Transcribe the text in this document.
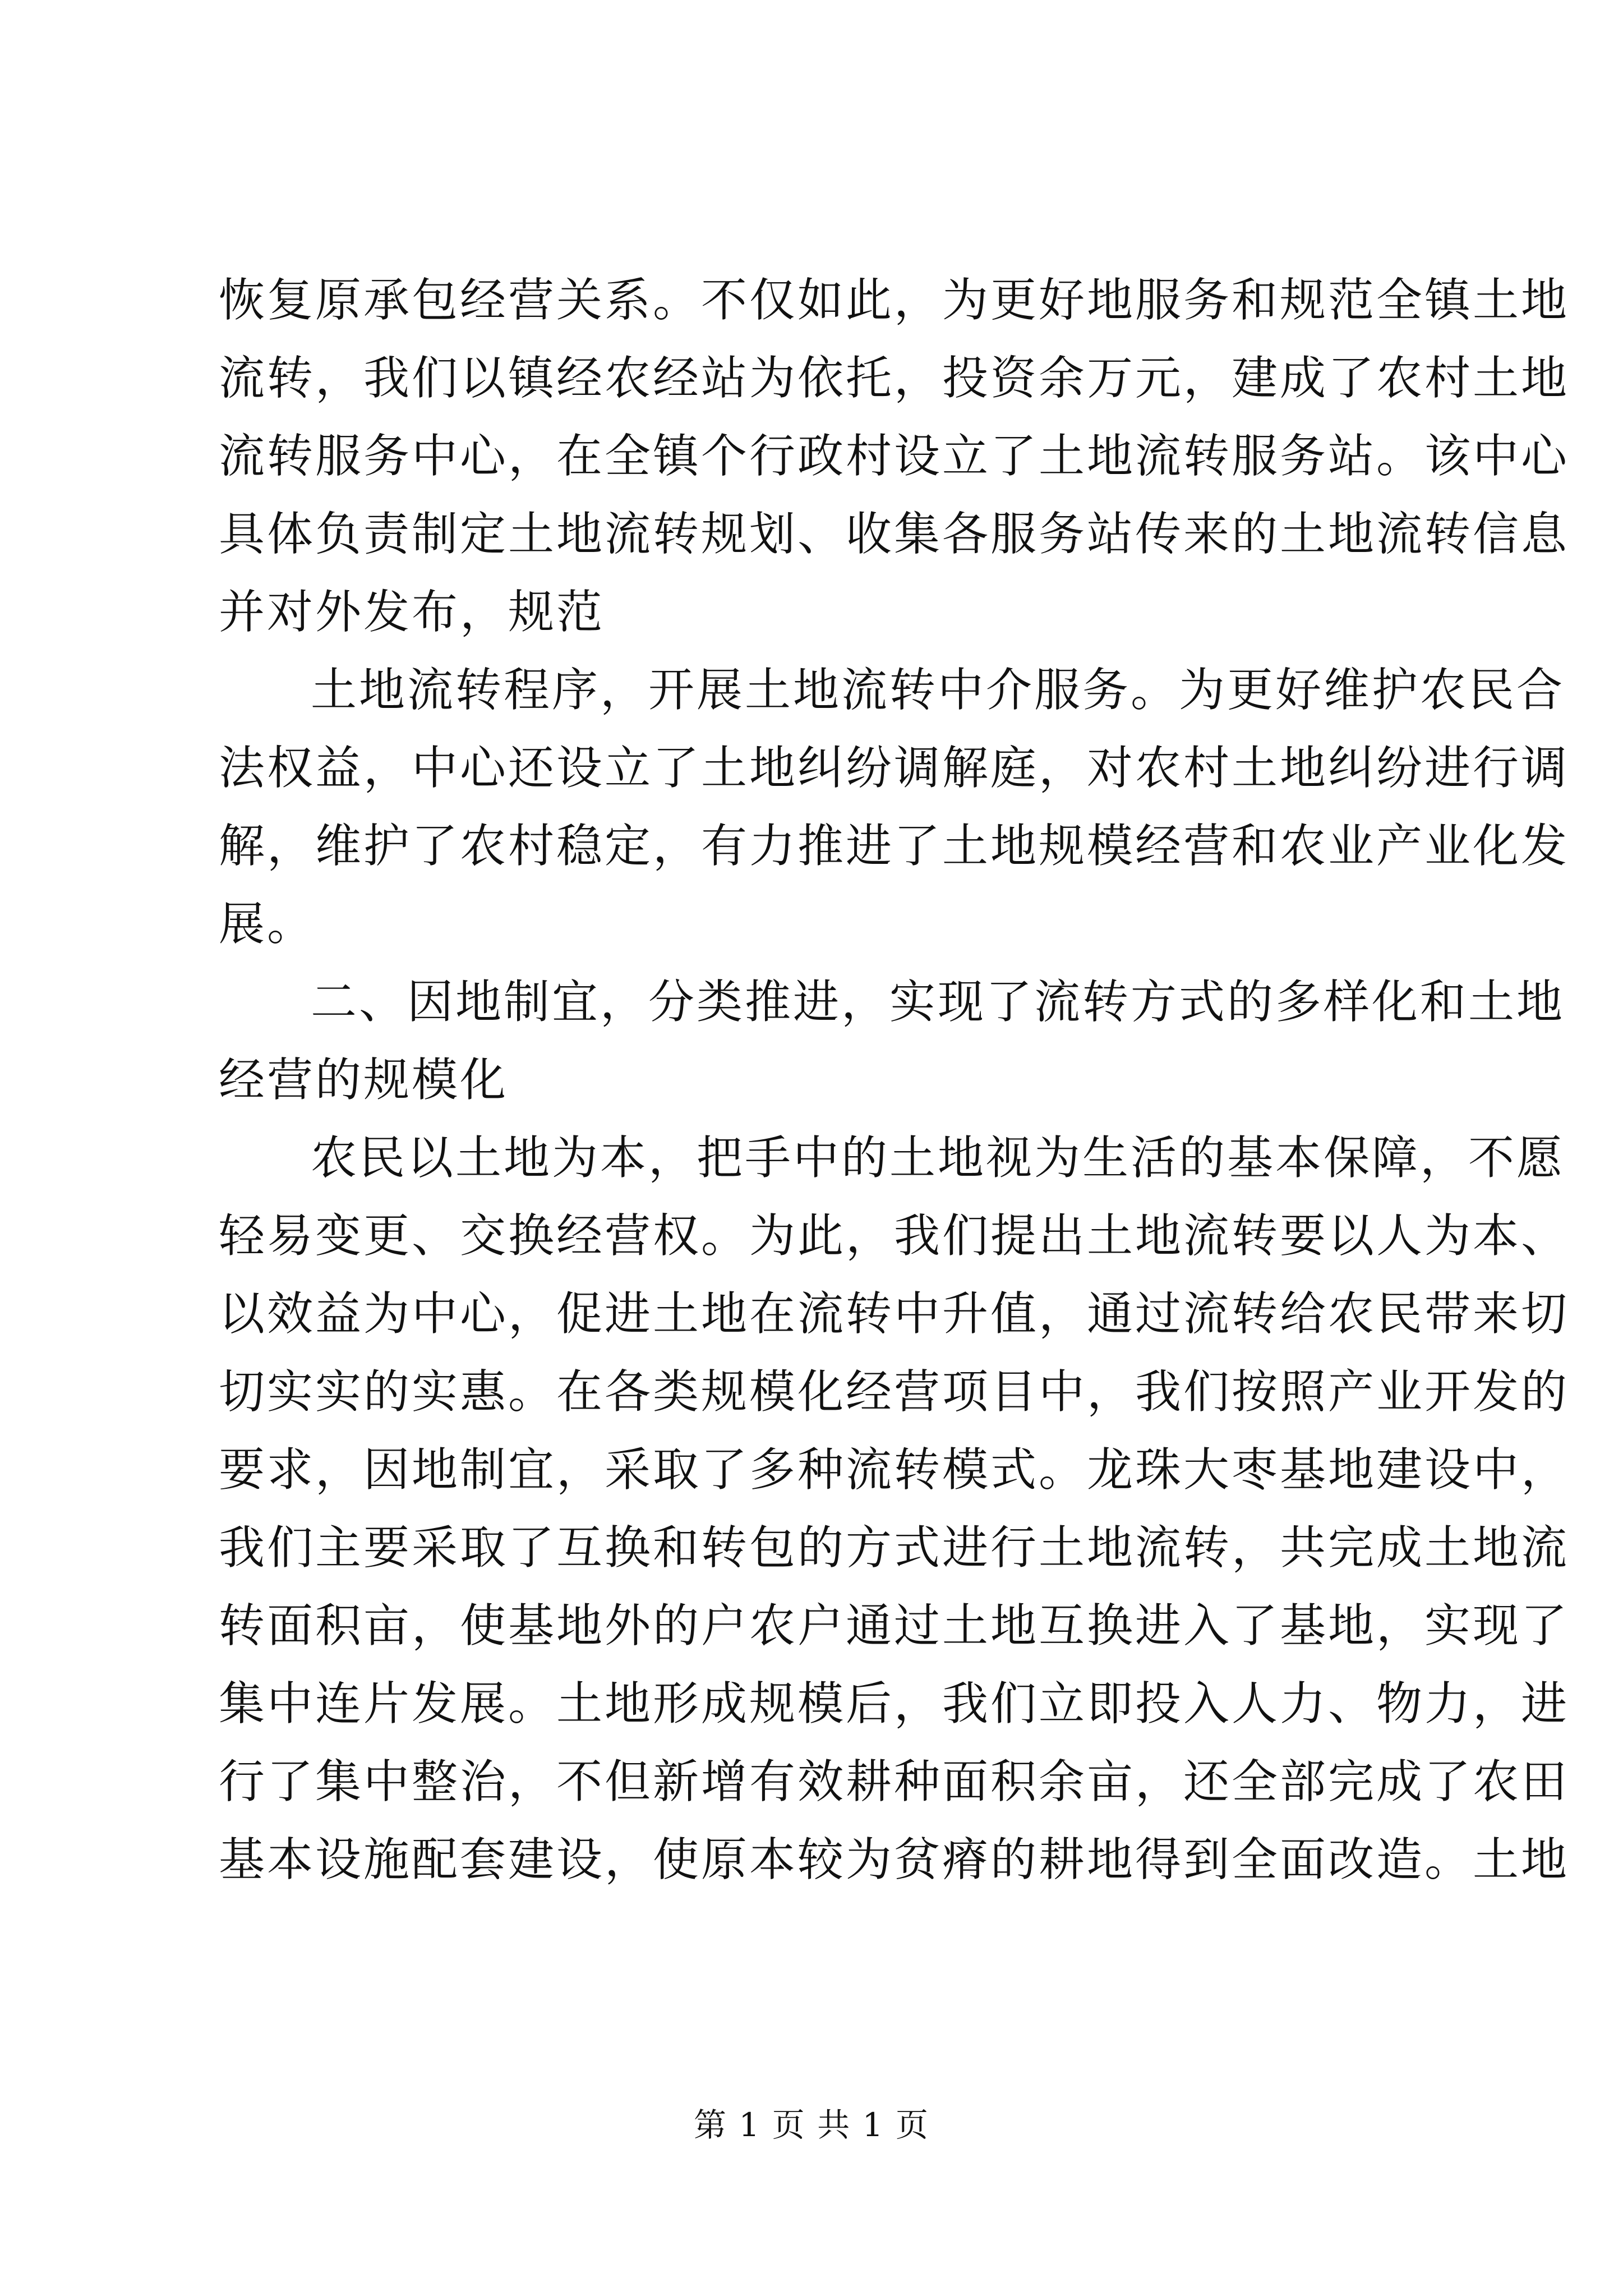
恢复原承包经营关系。不仅如此，为更好地服务和规范全镇土地
流转，我们以镇经农经站为依托，投资余万元，建成了农村土地
流转服务中心，在全镇个行政村设立了土地流转服务站。该中心
具体负责制定土地流转规划、收集各服务站传来的土地流转信息
并对外发布，规范
土地流转程序，开展土地流转中介服务。为更好维护农民合
法权益，中心还设立了土地纠纷调解庭，对农村土地纠纷进行调
解，维护了农村稳定，有力推进了土地规模经营和农业产业化发
展。
二、因地制宜，分类推进，实现了流转方式的多样化和土地
经营的规模化
农民以土地为本，把手中的土地视为生活的基本保障，不愿
轻易变更、交换经营权。为此，我们提出土地流转要以人为本、
以效益为中心，促进土地在流转中升值，通过流转给农民带来切
切实实的实惠。在各类规模化经营项目中，我们按照产业开发的
要求，因地制宜，采取了多种流转模式。龙珠大枣基地建设中，
我们主要采取了互换和转包的方式进行土地流转，共完成土地流
转面积亩，使基地外的户农户通过土地互换进入了基地，实现了
集中连片发展。土地形成规模后，我们立即投入人力、物力，进
行了集中整治，不但新增有效耕种面积余亩，还全部完成了农田
基本设施配套建设，使原本较为贫瘠的耕地得到全面改造。土地
第 1 页 共 1 页
